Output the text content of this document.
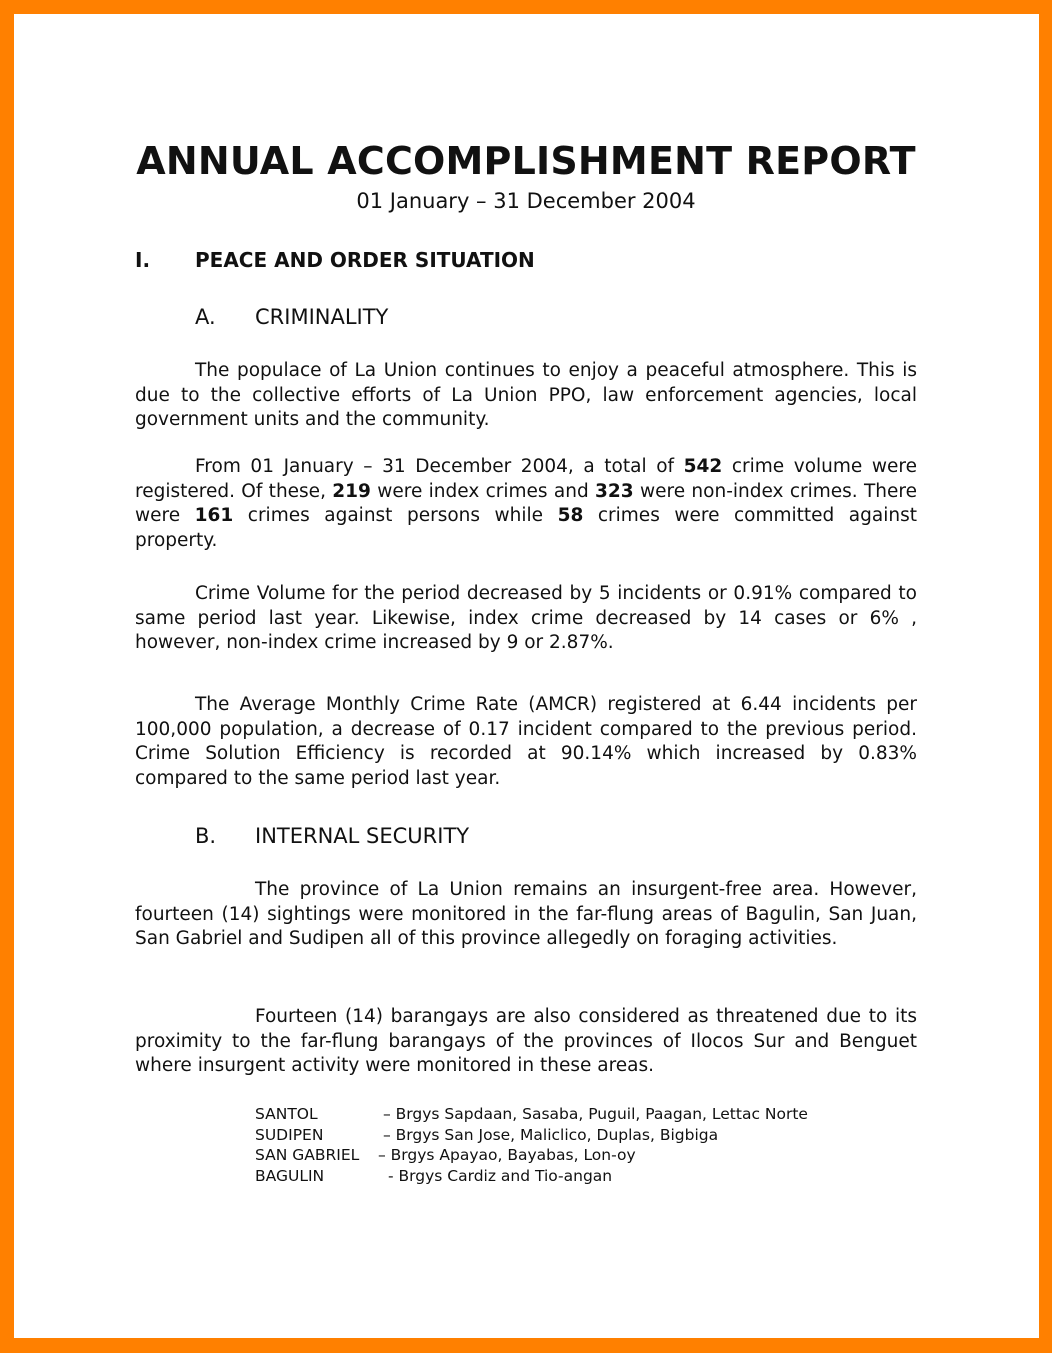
ANNUAL ACCOMPLISHMENT REPORT
01 January – 31 December 2004
I. PEACE AND ORDER SITUATION
A. CRIMINALITY

The populace of La Union continues to enjoy a peaceful atmosphere. This is due to the collective efforts of La Union PPO, law enforcement agencies, local government units and the community.

From 01 January – 31 December 2004, a total of 542 crime volume were registered. Of these, 219 were index crimes and 323 were non-index crimes. There were 161 crimes against persons while 58 crimes were committed against property.

Crime Volume for the period decreased by 5 incidents or 0.91% compared to same period last year. Likewise, index crime decreased by 14 cases or 6% , however, non-index crime increased by 9 or 2.87%.

The Average Monthly Crime Rate (AMCR) registered at 6.44 incidents per 100,000 population, a decrease of 0.17 incident compared to the previous period. Crime Solution Efficiency is recorded at 90.14% which increased by 0.83% compared to the same period last year.

B. INTERNAL SECURITY

The province of La Union remains an insurgent-free area. However, fourteen (14) sightings were monitored in the far-flung areas of Bagulin, San Juan, San Gabriel and Sudipen all of this province allegedly on foraging activities.

Fourteen (14) barangays are also considered as threatened due to its proximity to the far-flung barangays of the provinces of Ilocos Sur and Benguet where insurgent activity were monitored in these areas.

SANTOL	– Brgys Sapdaan, Sasaba, Puguil, Paagan, Lettac Norte
SUDIPEN	– Brgys San Jose, Maliclico, Duplas, Bigbiga
SAN GABRIEL – Brgys Apayao, Bayabas, Lon-oy
BAGULIN	- Brgys Cardiz and Tio-angan
